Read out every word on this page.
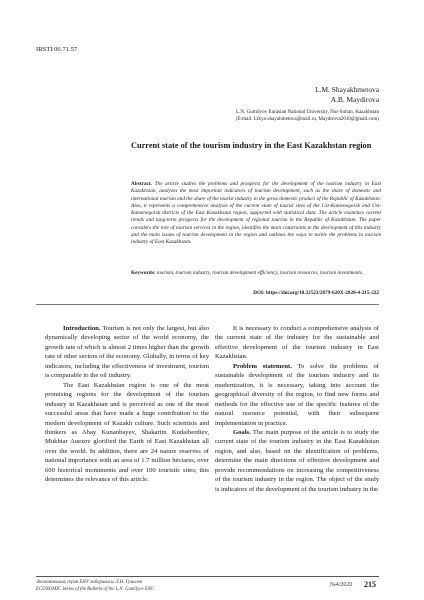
IRSTI 06.71.57
L.M. Shayakhmetova
A.B. Maydirova
L.N. Gumilyov Eurasian National University, Nur-Sultan, Kazakhstan
(E-mail: Likya-shayahmetova@mail.ru, Maydirova2010@gmail.com)
Current state of the tourism industry in the East Kazakhstan region
Abstract. The article studies the problems and prospects for the development of the tourism industry in East Kazakhstan, analyzes the most important indicators of tourism development, such as the share of domestic and international tourism and the share of the tourist industry in the gross domestic product of the Republic of Kazakhstan. Also, it represents a comprehensive analysis of the current state of tourist sites of the Ust-Kamenogorsk and Ust-Kamenogorsk districts of the East Kazakhstan region, supported with statistical data. The article examines current trends and long-term prospects for the development of regional tourism in the Republic of Kazakhstan. The paper considers the role of tourism services in the region, identifies the main constraints to the development of this industry and the main issues of tourism development in the region and outlines the ways to tackle the problems in tourism industry of East Kazakhstan.
Keywords: tourism, tourism industry, tourism development efficiency, tourism resources, tourism investments.
DOI: https://doi.org/10.32523/2079-620X-2020-4-215-222

Introduction. Tourism is not only the largest, but also dynamically developing sector of the world economy, the growth rate of which is almost 2 times higher than the growth rate of other sectors of the economy. Globally, in terms of key indicators, including the effectiveness of investment, tourism is comparable to the oil industry.

The East Kazakhstan region is one of the most promising regions for the development of the tourism industry in Kazakhstan and is perceived as one of the most successful areas that have made a huge contribution to the modern development of Kazakh culture. Such scientists and thinkers as Abay Kunanbayev, Shakarim Kudaiberdiev, Mukhtar Auezov glorified the Earth of East Kazakhstan all over the world. In addition, there are 24 nature reserves of national importance with an area of 1.7 million hectares, over 600 historical monuments and over 100 touristic sites; this determines the relevance of this article.

It is necessary to conduct a comprehensive analysis of the current state of the industry for the sustainable and effective development of the tourism industry in East Kazakhstan.

Problem statement. To solve the problems of sustainable development of the tourism industry and its modernization, it is necessary, taking into account the geographical diversity of the region, to find new forms and methods for the effective use of the specific features of the natural resource potential, with their subsequent implementation in practice.

Goals. The main purpose of the article is to study the current state of the tourism industry in the East Kazakhstan region, and also, based on the identification of problems, determine the main directions of effective development and provide recommendations on increasing the competitiveness of the tourism industry in the region. The object of the study is indicators of the development of the tourism industry in the

Экономикалық серия ЕНУ хабаршысы Л.Н. Гумилев
ECONOMIC Series of the Bulletin of the L.N. Gumilyov ENU
№4/2020 215
